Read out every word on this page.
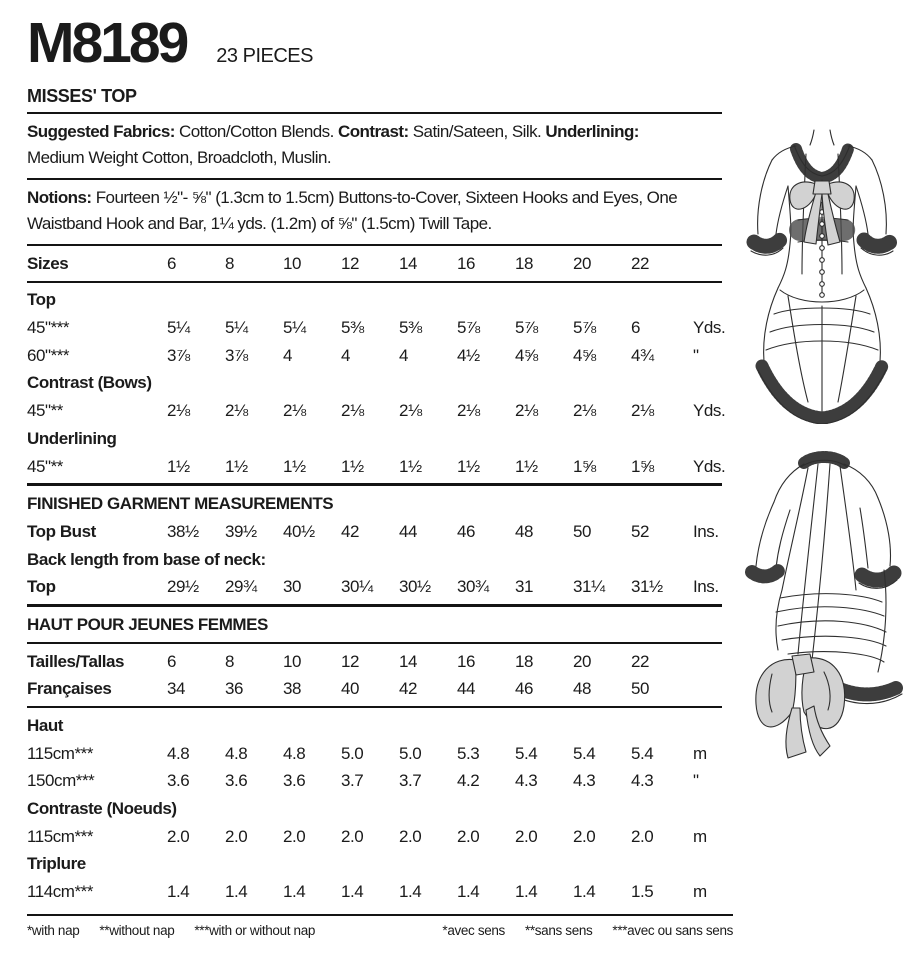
M8189 23 PIECES
MISSES' TOP
Suggested Fabrics: Cotton/Cotton Blends. Contrast: Satin/Sateen, Silk. Underlining:
Medium Weight Cotton, Broadcloth, Muslin.
Notions: Fourteen ½"- ⅝" (1.3cm to 1.5cm) Buttons-to-Cover, Sixteen Hooks and Eyes, One
Waistband Hook and Bar, 1¼ yds. (1.2m) of ⅝" (1.5cm) Twill Tape.
Sizes	6	8	10	12	14	16	18	20	22
Top
45"***	5¼	5¼	5¼	5⅜	5⅜	5⅞	5⅞	5⅞	6	Yds.
60"***	3⅞	3⅞	4	4	4	4½	4⅝	4⅝	4¾	"
Contrast (Bows)
45"**	2⅛	2⅛	2⅛	2⅛	2⅛	2⅛	2⅛	2⅛	2⅛	Yds.
Underlining
45"**	1½	1½	1½	1½	1½	1½	1½	1⅝	1⅝	Yds.
FINISHED GARMENT MEASUREMENTS
Top Bust	38½	39½	40½	42	44	46	48	50	52	Ins.
Back length from base of neck:
Top	29½	29¾	30	30¼	30½	30¾	31	31¼	31½	Ins.
HAUT POUR JEUNES FEMMES
Tailles/Tallas	6	8	10	12	14	16	18	20	22
Françaises	34	36	38	40	42	44	46	48	50
Haut
115cm***	4.8	4.8	4.8	5.0	5.0	5.3	5.4	5.4	5.4	m
150cm***	3.6	3.6	3.6	3.7	3.7	4.2	4.3	4.3	4.3	"
Contraste (Noeuds)
115cm***	2.0	2.0	2.0	2.0	2.0	2.0	2.0	2.0	2.0	m
Triplure
114cm***	1.4	1.4	1.4	1.4	1.4	1.4	1.4	1.4	1.5	m
*with nap **without nap ***with or without nap	*avec sens **sans sens ***avec ou sans sens
